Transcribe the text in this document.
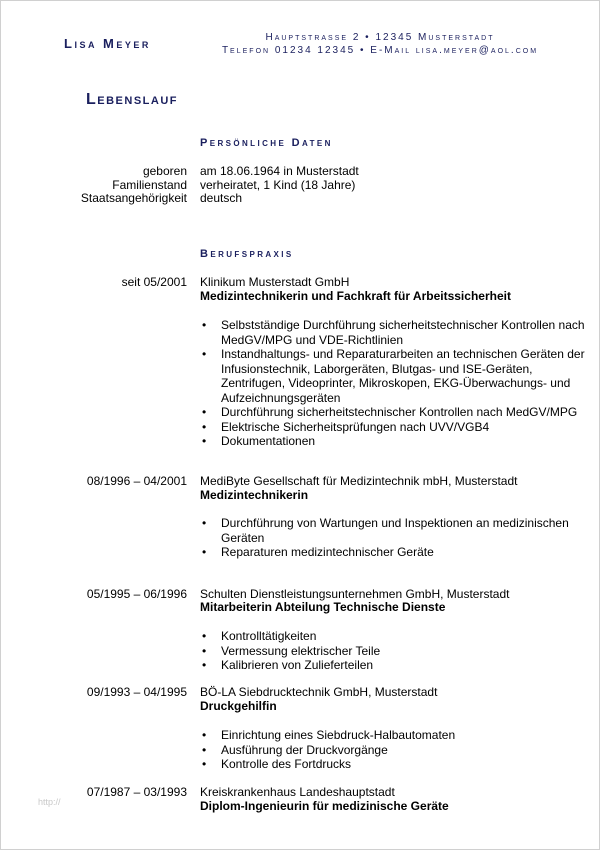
Lisa Meyer	Hauptstrasse 2 • 12345 Musterstadt
Telefon 01234 12345 • E-Mail lisa.meyer@aol.com
Lebenslauf
Persönliche Daten
geboren am 18.06.1964 in Musterstadt
Familienstand verheiratet, 1 Kind (18 Jahre)
Staatsangehörigkeit deutsch
Berufspraxis
seit 05/2001 Klinikum Musterstadt GmbH
Medizintechnikerin und Fachkraft für Arbeitssicherheit
• Selbstständige Durchführung sicherheitstechnischer Kontrollen nach MedGV/MPG und VDE-Richtlinien
• Instandhaltungs- und Reparaturarbeiten an technischen Geräten der Infusionstechnik, Laborgeräten, Blutgas- und ISE-Geräten, Zentrifugen, Videoprinter, Mikroskopen, EKG-Überwachungs- und Aufzeichnungsgeräten
• Durchführung sicherheitstechnischer Kontrollen nach MedGV/MPG
• Elektrische Sicherheitsprüfungen nach UVV/VGB4
• Dokumentationen
08/1996 – 04/2001 MediByte Gesellschaft für Medizintechnik mbH, Musterstadt
Medizintechnikerin
• Durchführung von Wartungen und Inspektionen an medizinischen Geräten
• Reparaturen medizintechnischer Geräte
05/1995 – 06/1996 Schulten Dienstleistungsunternehmen GmbH, Musterstadt
Mitarbeiterin Abteilung Technische Dienste
• Kontrolltätigkeiten
• Vermessung elektrischer Teile
• Kalibrieren von Zulieferteilen
09/1993 – 04/1995 BÖ-LA Siebdrucktechnik GmbH, Musterstadt
Druckgehilfin
• Einrichtung eines Siebdruck-Halbautomaten
• Ausführung der Druckvorgänge
• Kontrolle des Fortdrucks
07/1987 – 03/1993 Kreiskrankenhaus Landeshauptstadt
Diplom-Ingenieurin für medizinische Geräte
http://
